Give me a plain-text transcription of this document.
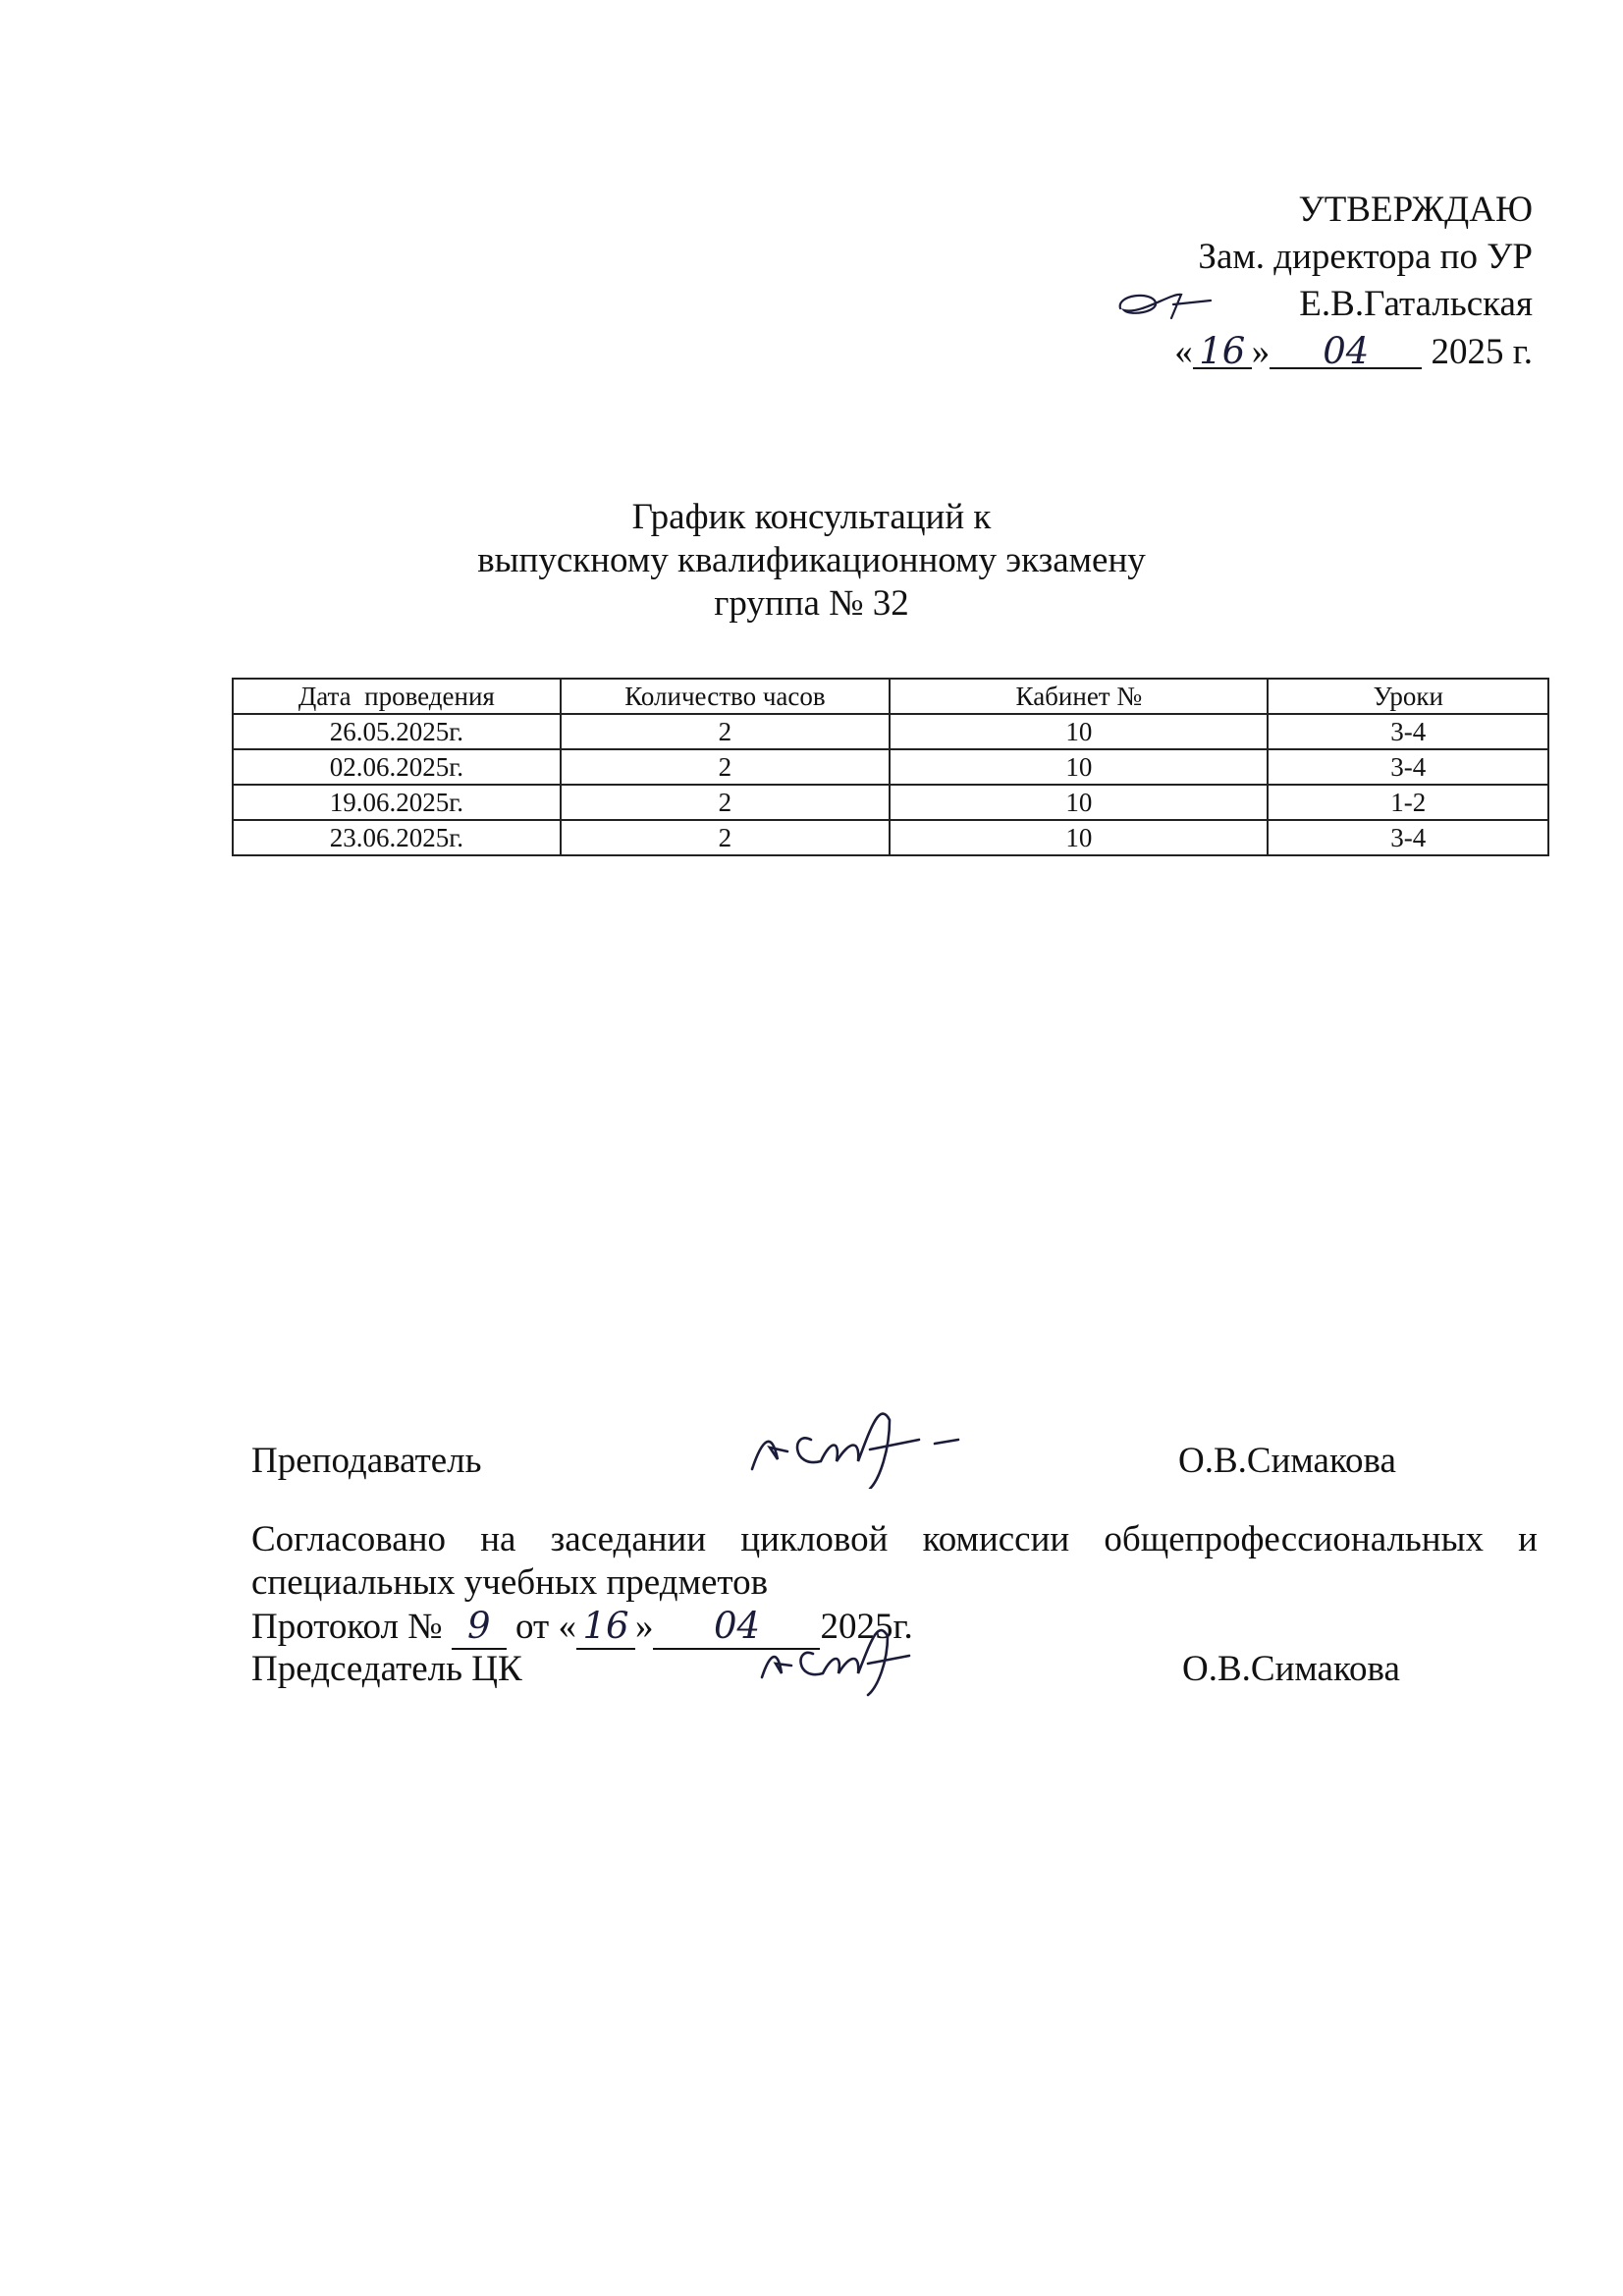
УТВЕРЖДАЮ
Зам. директора по УР
Е.В.Гатальская
« 16 » 04 2025 г.
График консультаций к
выпускному квалификационному экзамену
группа № 32
Дата  проведения	Количество часов	Кабинет №	Уроки
26.05.2025г.	2	10	3-4
02.06.2025г.	2	10	3-4
19.06.2025г.	2	10	1-2
23.06.2025г.	2	10	3-4
Преподаватель	О.В.Симакова
Согласовано на заседании цикловой комиссии общепрофессиональных и
специальных учебных предметов
Протокол № 9 от « 16 » 04 2025г.
Председатель ЦК	О.В.Симакова
